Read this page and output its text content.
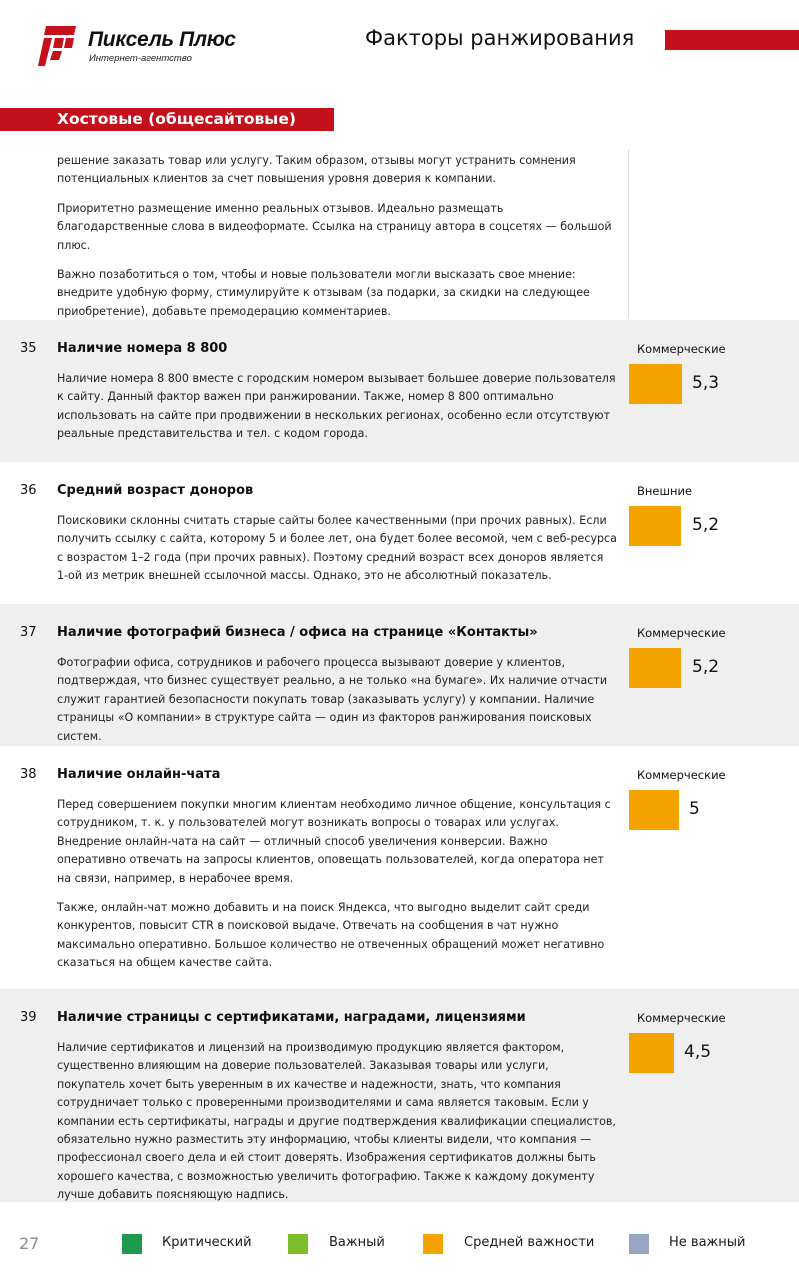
Пиксель Плюс
Интернет-агентство
Факторы ранжирования
Хостовые (общесайтовые)

решение заказать товар или услугу. Таким образом, отзывы могут устранить сомнения потенциальных клиентов за счет повышения уровня доверия к компании.

Приоритетно размещение именно реальных отзывов. Идеально размещать благодарственные слова в видеоформате. Ссылка на страницу автора в соцсетях — большой плюс.

Важно позаботиться о том, чтобы и новые пользователи могли высказать свое мнение: внедрите удобную форму, стимулируйте к отзывам (за подарки, за скидки на следующее приобретение), добавьте премодерацию комментариев.

35 Наличие номера 8 800

Наличие номера 8 800 вместе с городским номером вызывает большее доверие пользователя к сайту. Данный фактор важен при ранжировании. Также, номер 8 800 оптимально использовать на сайте при продвижении в нескольких регионах, особенно если отсутствуют реальные представительства и тел. с кодом города.

Коммерческие
5,3
36 Средний возраст доноров

Поисковики склонны считать старые сайты более качественными (при прочих равных). Если получить ссылку с сайта, которому 5 и более лет, она будет более весомой, чем с веб-ресурса с возрастом 1–2 года (при прочих равных). Поэтому средний возраст всех доноров является 1-ой из метрик внешней ссылочной массы. Однако, это не абсолютный показатель.

Внешние
5,2
37 Наличие фотографий бизнеса / офиса на странице «Контакты»

Фотографии офиса, сотрудников и рабочего процесса вызывают доверие у клиентов, подтверждая, что бизнес существует реально, а не только «на бумаге». Их наличие отчасти служит гарантией безопасности покупать товар (заказывать услугу) у компании. Наличие страницы «О компании» в структуре сайта — один из факторов ранжирования поисковых систем.

Коммерческие
5,2
38 Наличие онлайн-чата

Перед совершением покупки многим клиентам необходимо личное общение, консультация с сотрудником, т. к. у пользователей могут возникать вопросы о товарах или услугах. Внедрение онлайн-чата на сайт — отличный способ увеличения конверсии. Важно оперативно отвечать на запросы клиентов, оповещать пользователей, когда оператора нет на связи, например, в нерабочее время.

Также, онлайн-чат можно добавить и на поиск Яндекса, что выгодно выделит сайт среди конкурентов, повысит CTR в поисковой выдаче. Отвечать на сообщения в чат нужно максимально оперативно. Большое количество не отвеченных обращений может негативно сказаться на общем качестве сайта.

Коммерческие
5
39 Наличие страницы с сертификатами, наградами, лицензиями

Наличие сертификатов и лицензий на производимую продукцию является фактором, существенно влияющим на доверие пользователей. Заказывая товары или услуги, покупатель хочет быть уверенным в их качестве и надежности, знать, что компания сотрудничает только с проверенными производителями и сама является таковым. Если у компании есть сертификаты, награды и другие подтверждения квалификации специалистов, обязательно нужно разместить эту информацию, чтобы клиенты видели, что компания — профессионал своего дела и ей стоит доверять. Изображения сертификатов должны быть хорошего качества, с возможностью увеличить фотографию. Также к каждому документу лучше добавить поясняющую надпись.

Коммерческие
4,5
27	Критический	Важный	Средней важности	Не важный
